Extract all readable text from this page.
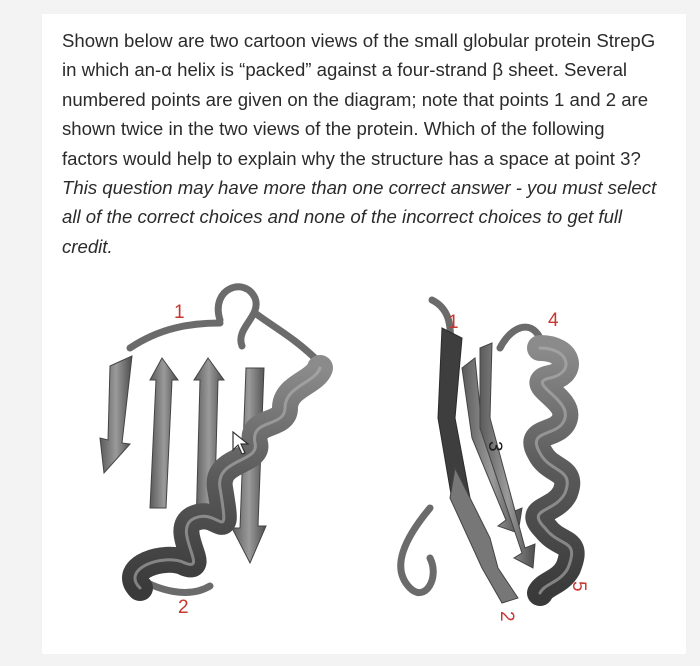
Shown below are two cartoon views of the small globular protein StrepG in which an-α helix is “packed” against a four-strand β sheet. Several numbered points are given on the diagram; note that points 1 and 2 are shown twice in the two views of the protein. Which of the following factors would help to explain why the structure has a space at point 3? This question may have more than one correct answer - you must select all of the correct choices and none of the incorrect choices to get full credit.
1
2
1
3
4
5
2
